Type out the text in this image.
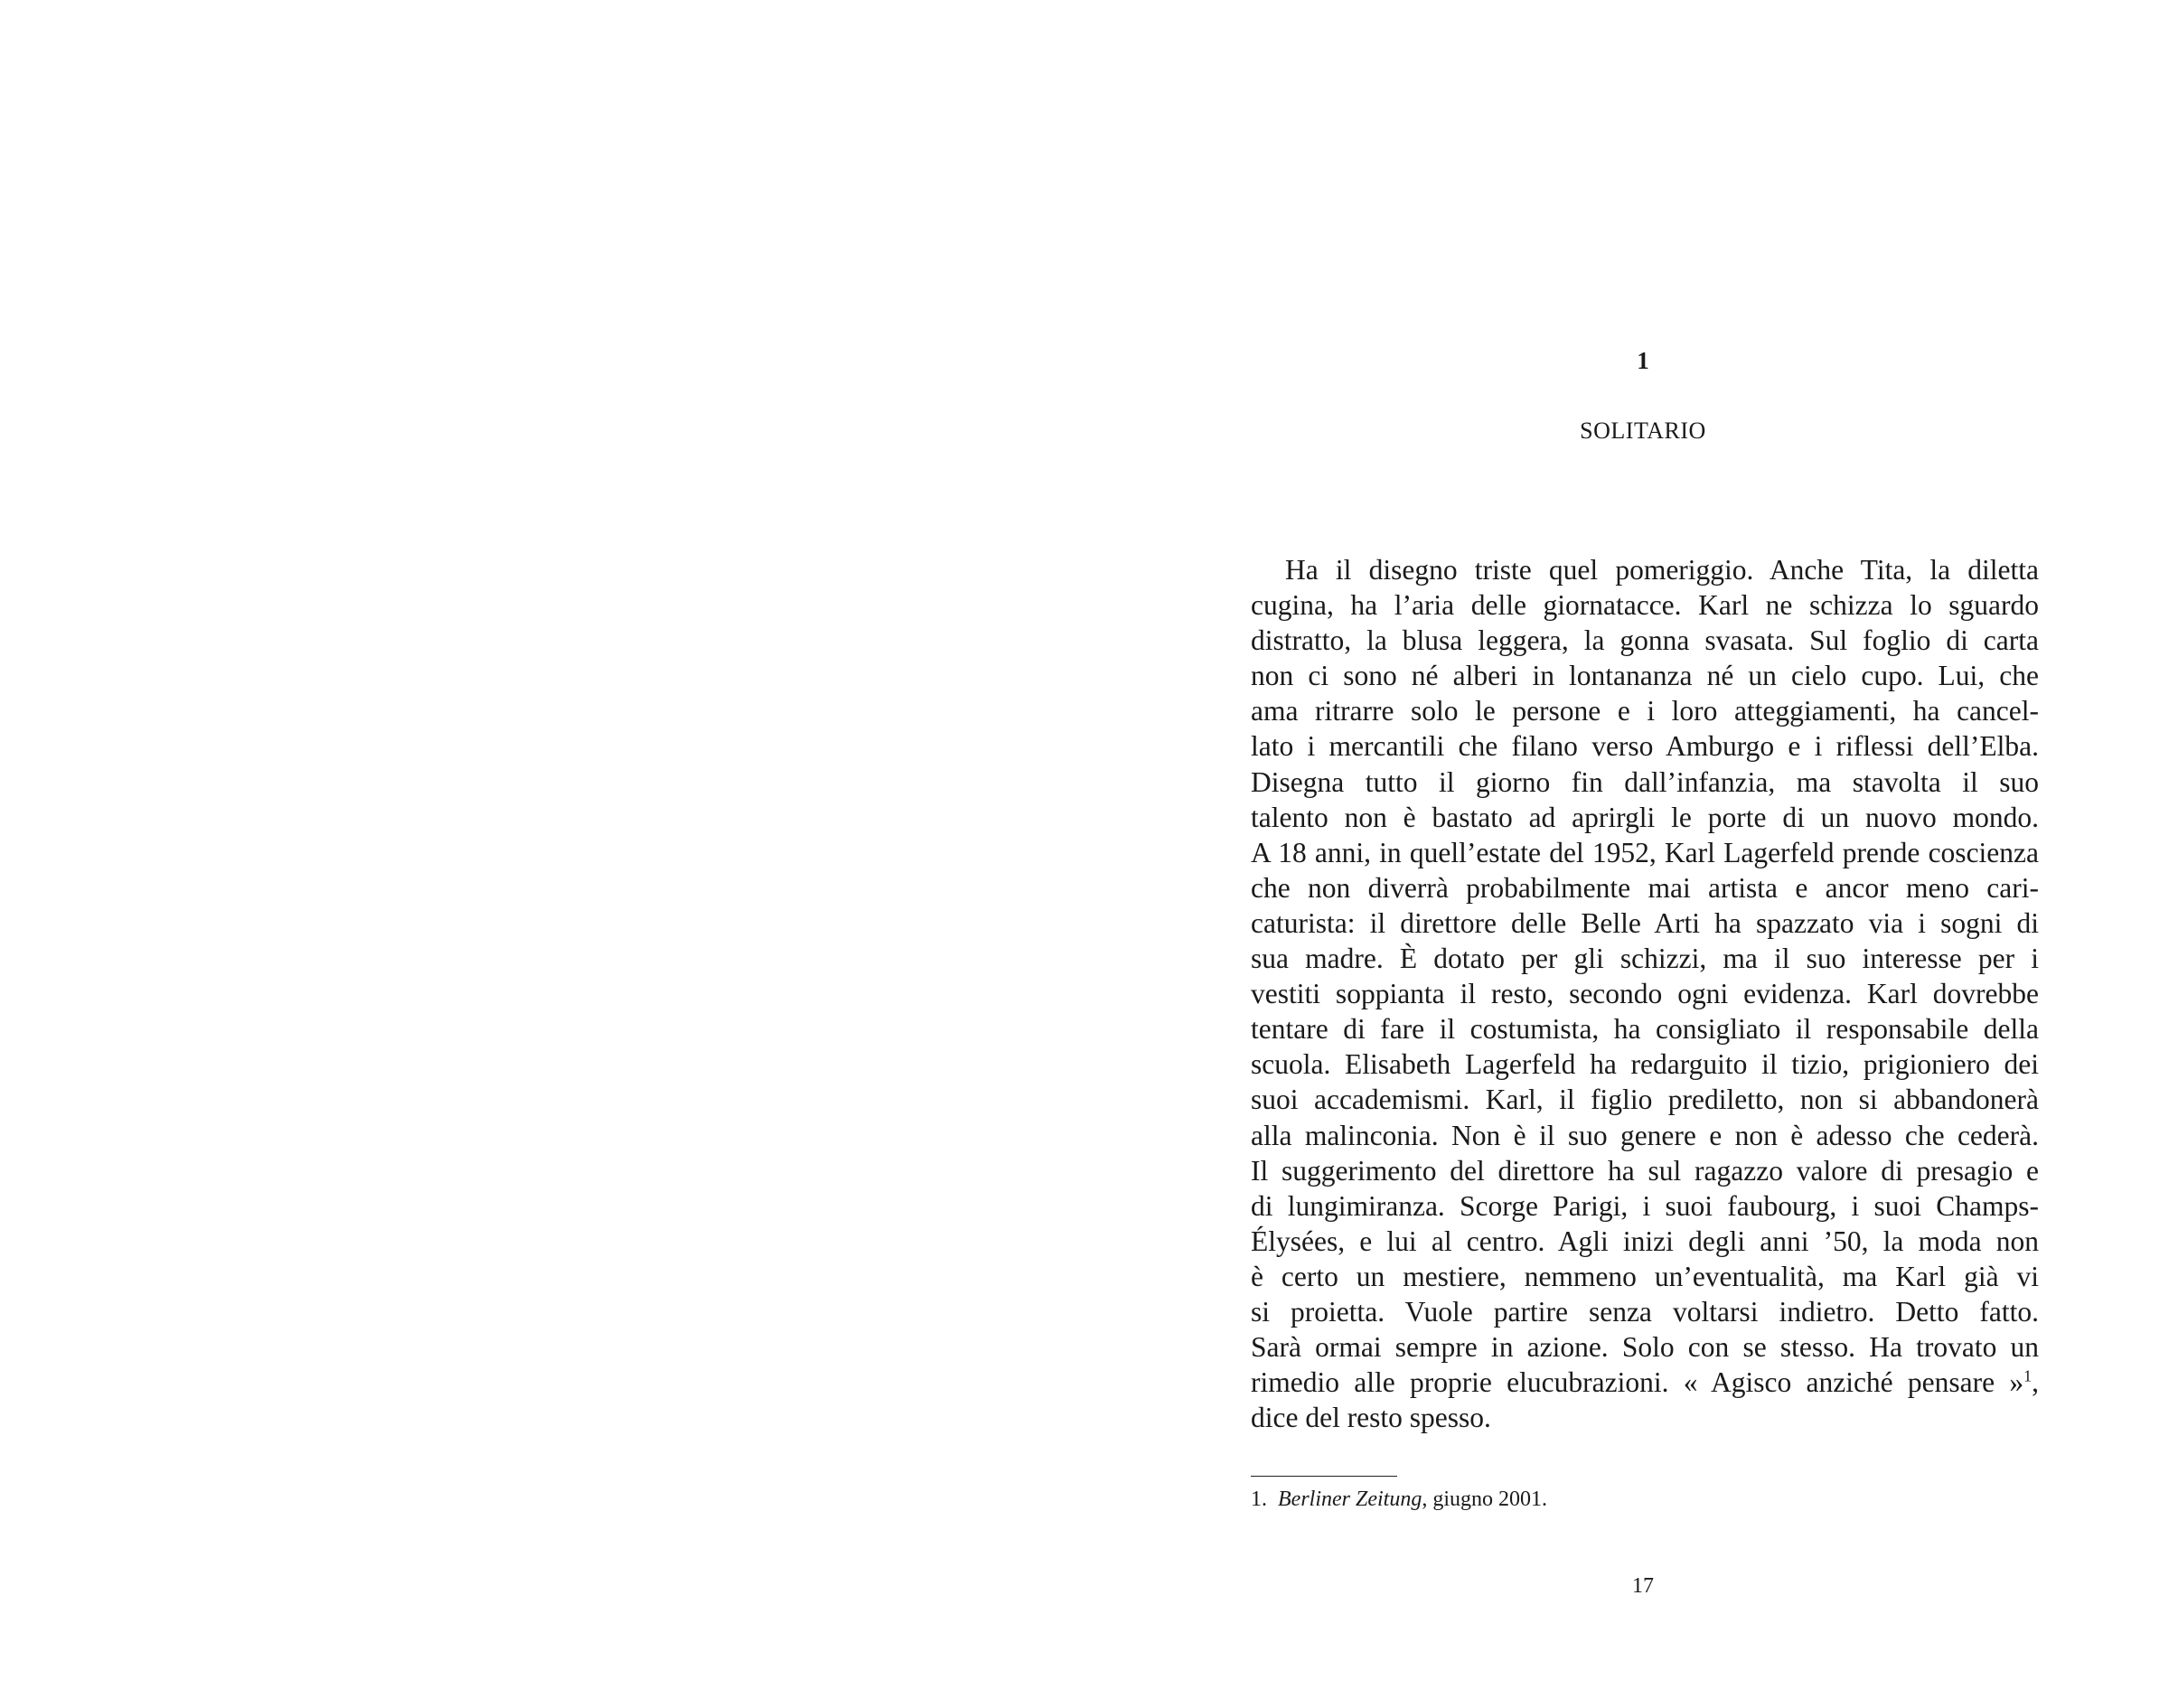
1
SOLITARIO

Ha il disegno triste quel pomeriggio. Anche Tita, la diletta
cugina, ha l’aria delle giornatacce. Karl ne schizza lo sguardo
distratto, la blusa leggera, la gonna svasata. Sul foglio di carta
non ci sono né alberi in lontananza né un cielo cupo. Lui, che
ama ritrarre solo le persone e i loro atteggiamenti, ha cancel-
lato i mercantili che filano verso Amburgo e i riflessi dell’Elba.
Disegna tutto il giorno fin dall’infanzia, ma stavolta il suo
talento non è bastato ad aprirgli le porte di un nuovo mondo.
A 18 anni, in quell’estate del 1952, Karl Lagerfeld prende coscienza
che non diverrà probabilmente mai artista e ancor meno cari-
caturista: il direttore delle Belle Arti ha spazzato via i sogni di
sua madre. È dotato per gli schizzi, ma il suo interesse per i
vestiti soppianta il resto, secondo ogni evidenza. Karl dovrebbe
tentare di fare il costumista, ha consigliato il responsabile della
scuola. Elisabeth Lagerfeld ha redarguito il tizio, prigioniero dei
suoi accademismi. Karl, il figlio prediletto, non si abbandonerà
alla malinconia. Non è il suo genere e non è adesso che cederà.
Il suggerimento del direttore ha sul ragazzo valore di presagio e
di lungimiranza. Scorge Parigi, i suoi faubourg, i suoi Champs-
Élysées, e lui al centro. Agli inizi degli anni ’50, la moda non
è certo un mestiere, nemmeno un’eventualità, ma Karl già vi
si proietta. Vuole partire senza voltarsi indietro. Detto fatto.
Sarà ormai sempre in azione. Solo con se stesso. Ha trovato un
rimedio alle proprie elucubrazioni. « Agisco anziché pensare »$^1$,
dice del resto spesso.

1. Berliner Zeitung, giugno 2001.
17
